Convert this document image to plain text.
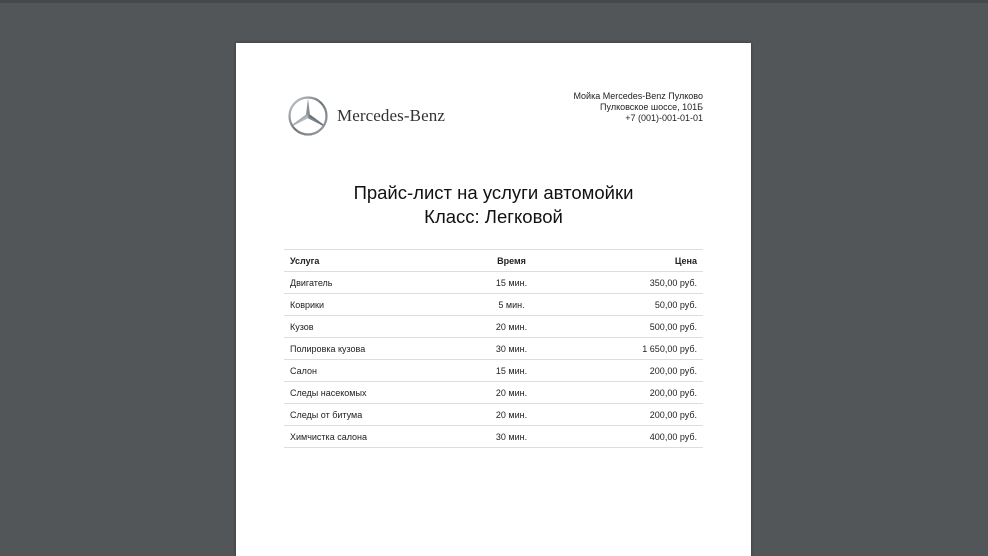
Mercedes-Benz
Мойка Mercedes-Benz Пулково
Пулковское шоссе, 101Б
+7 (001)-001-01-01
Прайс-лист на услуги автомойки
Класс: Легковой
Услуга	Время	Цена
Двигатель	15 мин.	350,00 руб.
Коврики	5 мин.	50,00 руб.
Кузов	20 мин.	500,00 руб.
Полировка кузова	30 мин.	1 650,00 руб.
Салон	15 мин.	200,00 руб.
Следы насекомых	20 мин.	200,00 руб.
Следы от битума	20 мин.	200,00 руб.
Химчистка салона	30 мин.	400,00 руб.
